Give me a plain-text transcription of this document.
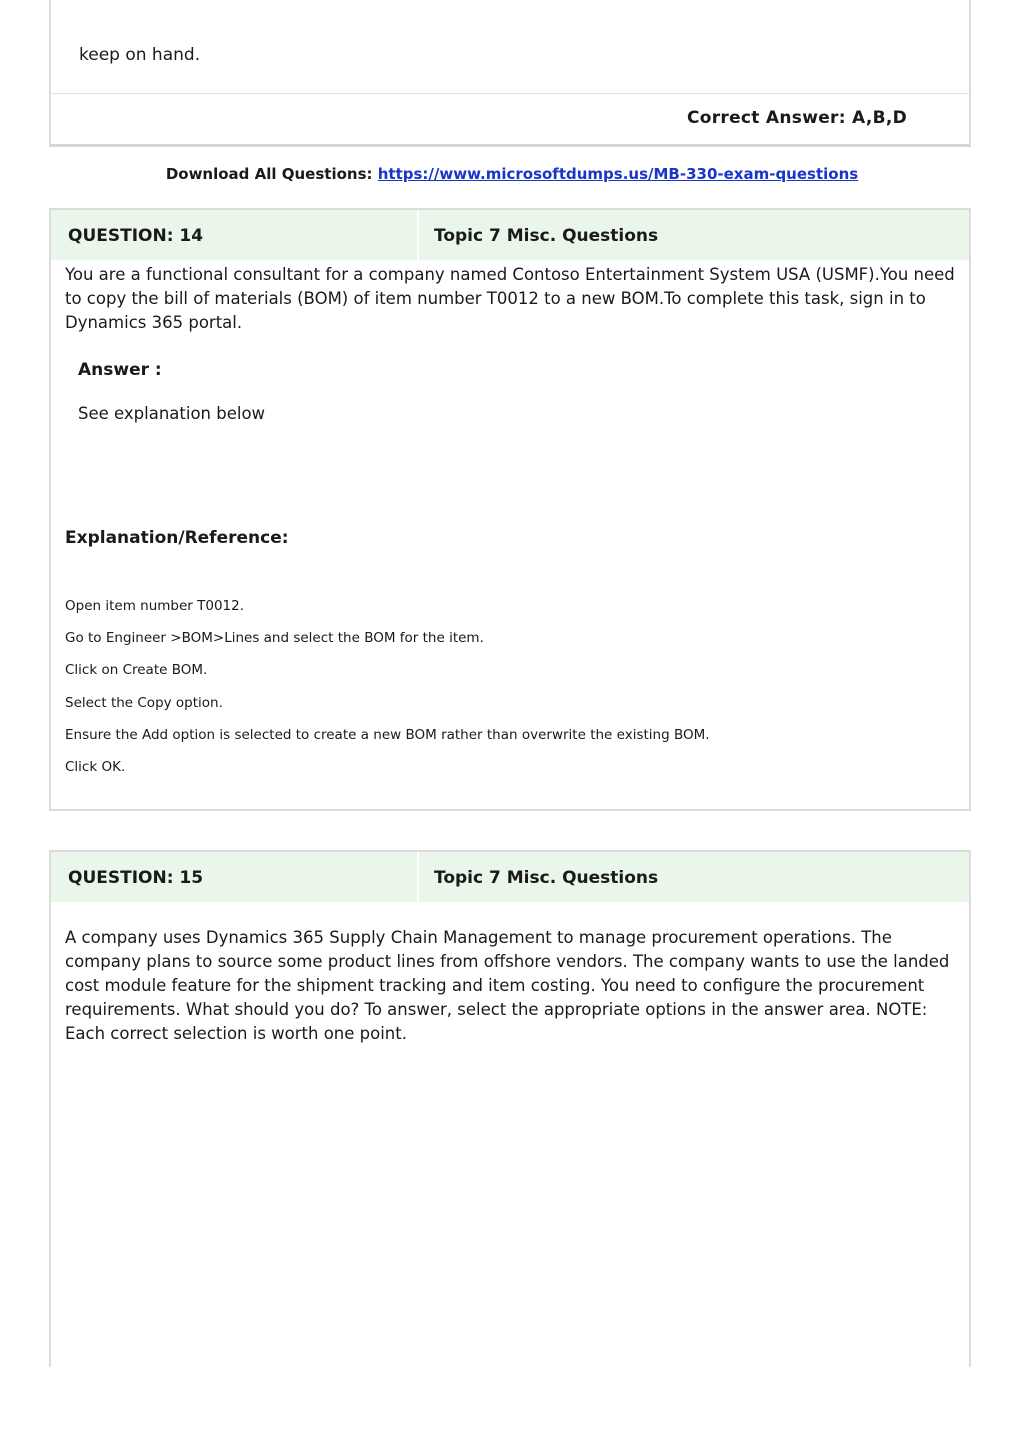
keep on hand.
Correct Answer: A,B,D
Download All Questions: https://www.microsoftdumps.us/MB-330-exam-questions
QUESTION: 14	Topic 7 Misc. Questions
You are a functional consultant for a company named Contoso Entertainment System USA (USMF).You need to copy the bill of materials (BOM) of item number T0012 to a new BOM.To complete this task, sign in to Dynamics 365 portal.
Answer :
See explanation below
Explanation/Reference:
Open item number T0012.
Go to Engineer >BOM>Lines and select the BOM for the item.
Click on Create BOM.
Select the Copy option.
Ensure the Add option is selected to create a new BOM rather than overwrite the existing BOM.
Click OK.
QUESTION: 15	Topic 7 Misc. Questions
A company uses Dynamics 365 Supply Chain Management to manage procurement operations. The company plans to source some product lines from offshore vendors. The company wants to use the landed cost module feature for the shipment tracking and item costing. You need to configure the procurement requirements. What should you do? To answer, select the appropriate options in the answer area. NOTE: Each correct selection is worth one point.
